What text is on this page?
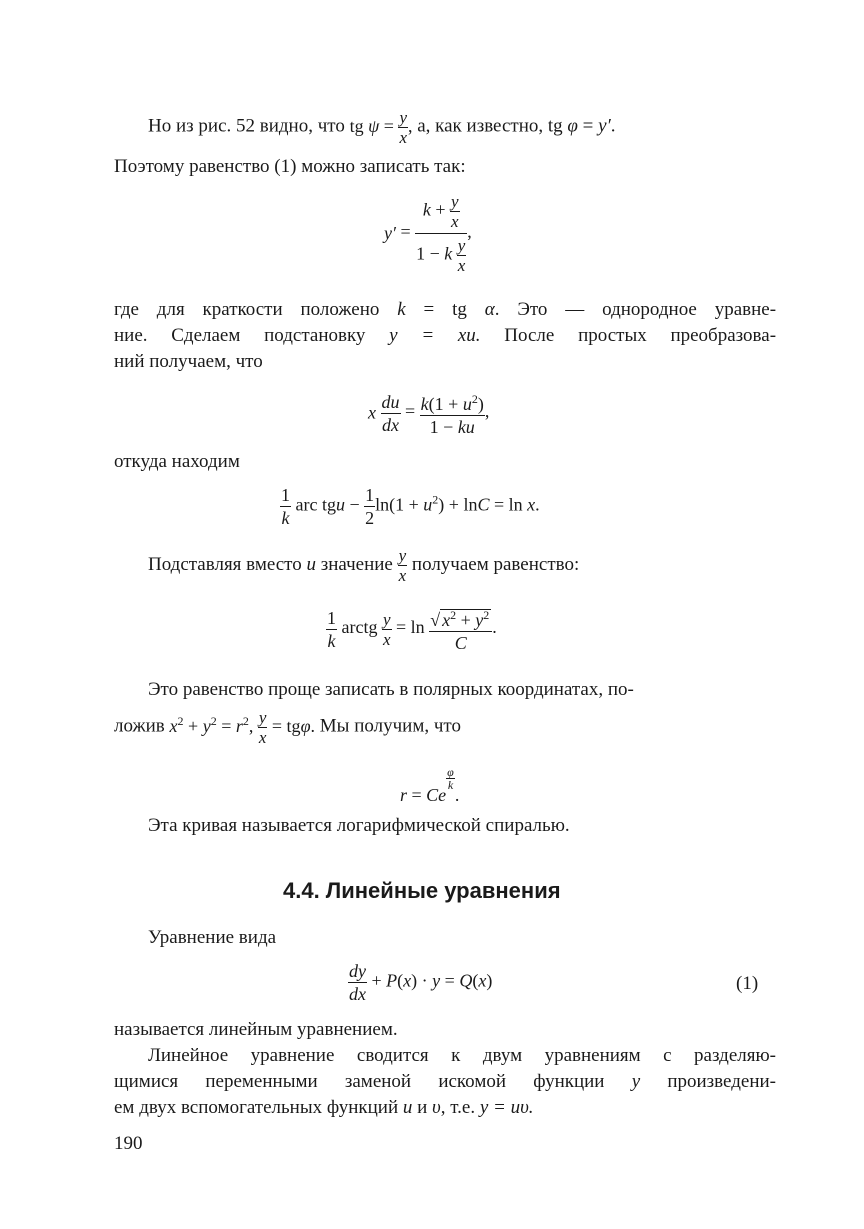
Но из рис. 52 видно, что tg $\psi = \frac{y}{x}$ , а, как известно, tg φ = y′.
Поэтому равенство (1) можно записать так:
$y' = \frac{k + \frac{y}{x}}{1 - k \frac{y}{x}}$ ,
где для краткости положено k = tg α. Это — однородное уравне-
ние. Сделаем подстановку y = xu. После простых преобразова-
ний получаем, что
x $\frac{du}{dx} = \frac{k(1 + u^2)}{1 - ku}$ ,
откуда находим
$\frac{1}{k}$ arc tgu − $\frac{1}{2} \ln(1 + u^2) + \ln C = \ln x$.
Подставляя вместо u значение $\frac{y}{x}$ получаем равенство:
$\frac{1}{k}$ arctg $\frac{y}{x} = \ln \frac{√ x^2 + y^2}{C}$ .
Это равенство проще записать в полярных координатах, по-
ложив $x^2 + y^2 = r^2$, $\frac{y}{x} = tg\varphi$. Мы получим, что
r = Ce
$\frac{\varphi}{k}$
.
Эта кривая называется логарифмической спиралью.
4.4. Линейные уравнения
Уравнение вида
$\frac{dy}{dx} + P(x) \cdot y = Q(x)$	(1)
называется линейным уравнением.
Линейное уравнение сводится к двум уравнениям с разделяю-
щимися переменными заменой искомой функции y произведени-
ем двух вспомогательных функций u и υ, т.е. y = uυ.
190
